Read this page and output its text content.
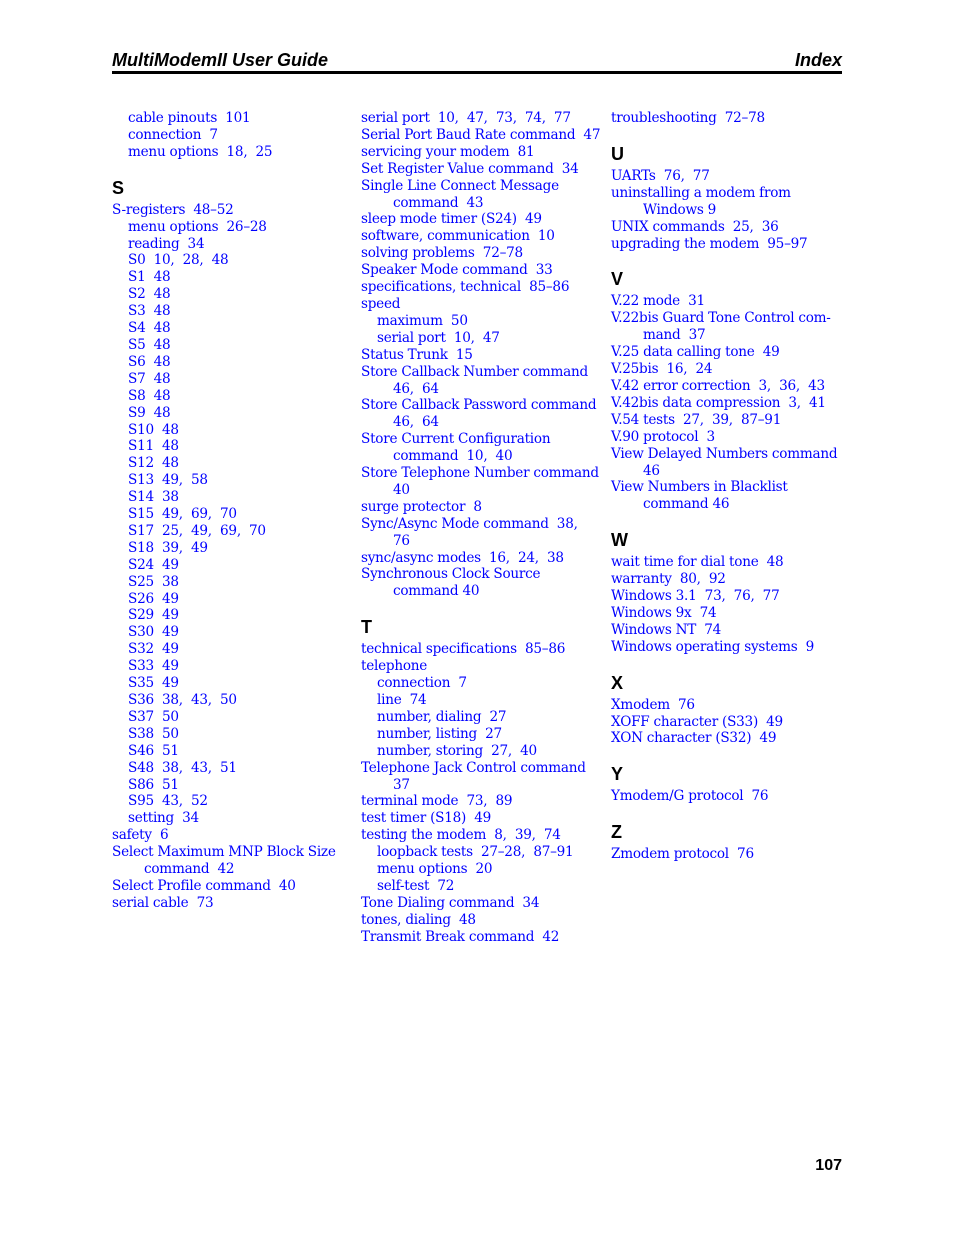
MultiModemII User Guide	Index
cable pinouts  101
connection  7
menu options  18,  25
S
S-registers  48–52
menu options  26–28
reading  34
S0  10,  28,  48
S1  48
S2  48
S3  48
S4  48
S5  48
S6  48
S7  48
S8  48
S9  48
S10  48
S11  48
S12  48
S13  49,  58
S14  38
S15  49,  69,  70
S17  25,  49,  69,  70
S18  39,  49
S24  49
S25  38
S26  49
S29  49
S30  49
S32  49
S33  49
S35  49
S36  38,  43,  50
S37  50
S38  50
S46  51
S48  38,  43,  51
S86  51
S95  43,  52
setting  34
safety  6
Select Maximum MNP Block Size command  42
Select Profile command  40
serial cable  73
serial port  10,  47,  73,  74,  77
Serial Port Baud Rate command  47
servicing your modem  81
Set Register Value command  34
Single Line Connect Message command  43
sleep mode timer (S24)  49
software, communication  10
solving problems  72–78
Speaker Mode command  33
specifications, technical  85–86
speed
maximum  50
serial port  10,  47
Status Trunk  15
Store Callback Number command 46,  64
Store Callback Password command 46,  64
Store Current Configuration command  10,  40
Store Telephone Number command 40
surge protector  8
Sync/Async Mode command  38,  76
sync/async modes  16,  24,  38
Synchronous Clock Source command 40
T
technical specifications  85–86
telephone
connection  7
line  74
number, dialing  27
number, listing  27
number, storing  27,  40
Telephone Jack Control command  37
terminal mode  73,  89
test timer (S18)  49
testing the modem  8,  39,  74
loopback tests  27–28,  87–91
menu options  20
self-test  72
Tone Dialing command  34
tones, dialing  48
Transmit Break command  42
troubleshooting  72–78
U
UARTs  76,  77
uninstalling a modem from Windows 9
UNIX commands  25,  36
upgrading the modem  95–97
V
V.22 mode  31
V.22bis Guard Tone Control com- mand  37
V.25 data calling tone  49
V.25bis  16,  24
V.42 error correction  3,  36,  43
V.42bis data compression  3,  41
V.54 tests  27,  39,  87–91
V.90 protocol  3
View Delayed Numbers command 46
View Numbers in Blacklist command 46
W
wait time for dial tone  48
warranty  80,  92
Windows 3.1  73,  76,  77
Windows 9x  74
Windows NT  74
Windows operating systems  9
X
Xmodem  76
XOFF character (S33)  49
XON character (S32)  49
Y
Ymodem/G protocol  76
Z
Zmodem protocol  76
107
